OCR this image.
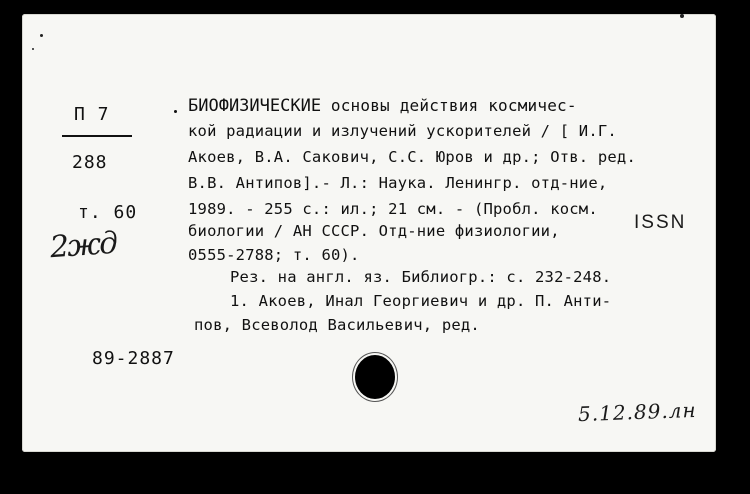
П 7
288
т. 60
2жд
БИОФИЗИЧЕСКИЕ основы действия космичес-
кой радиации и излучений ускорителей / [ И.Г.
Акоев, В.А. Сакович, С.С. Юров и др.; Отв. ред.
В.В. Антипов].- Л.: Наука. Ленингр. отд-ние,
1989. - 255 с.: ил.; 21 см. - (Пробл. косм.
биологии / АН СССР. Отд-ние физиологии,	ISSN
0555-2788; т. 60).
Рез. на англ. яз. Библиогр.: с. 232-248.
1. Акоев, Инал Георгиевич и др. П. Анти-
пов, Всеволод Васильевич, ред.
89-2887
5.12.89.лн
